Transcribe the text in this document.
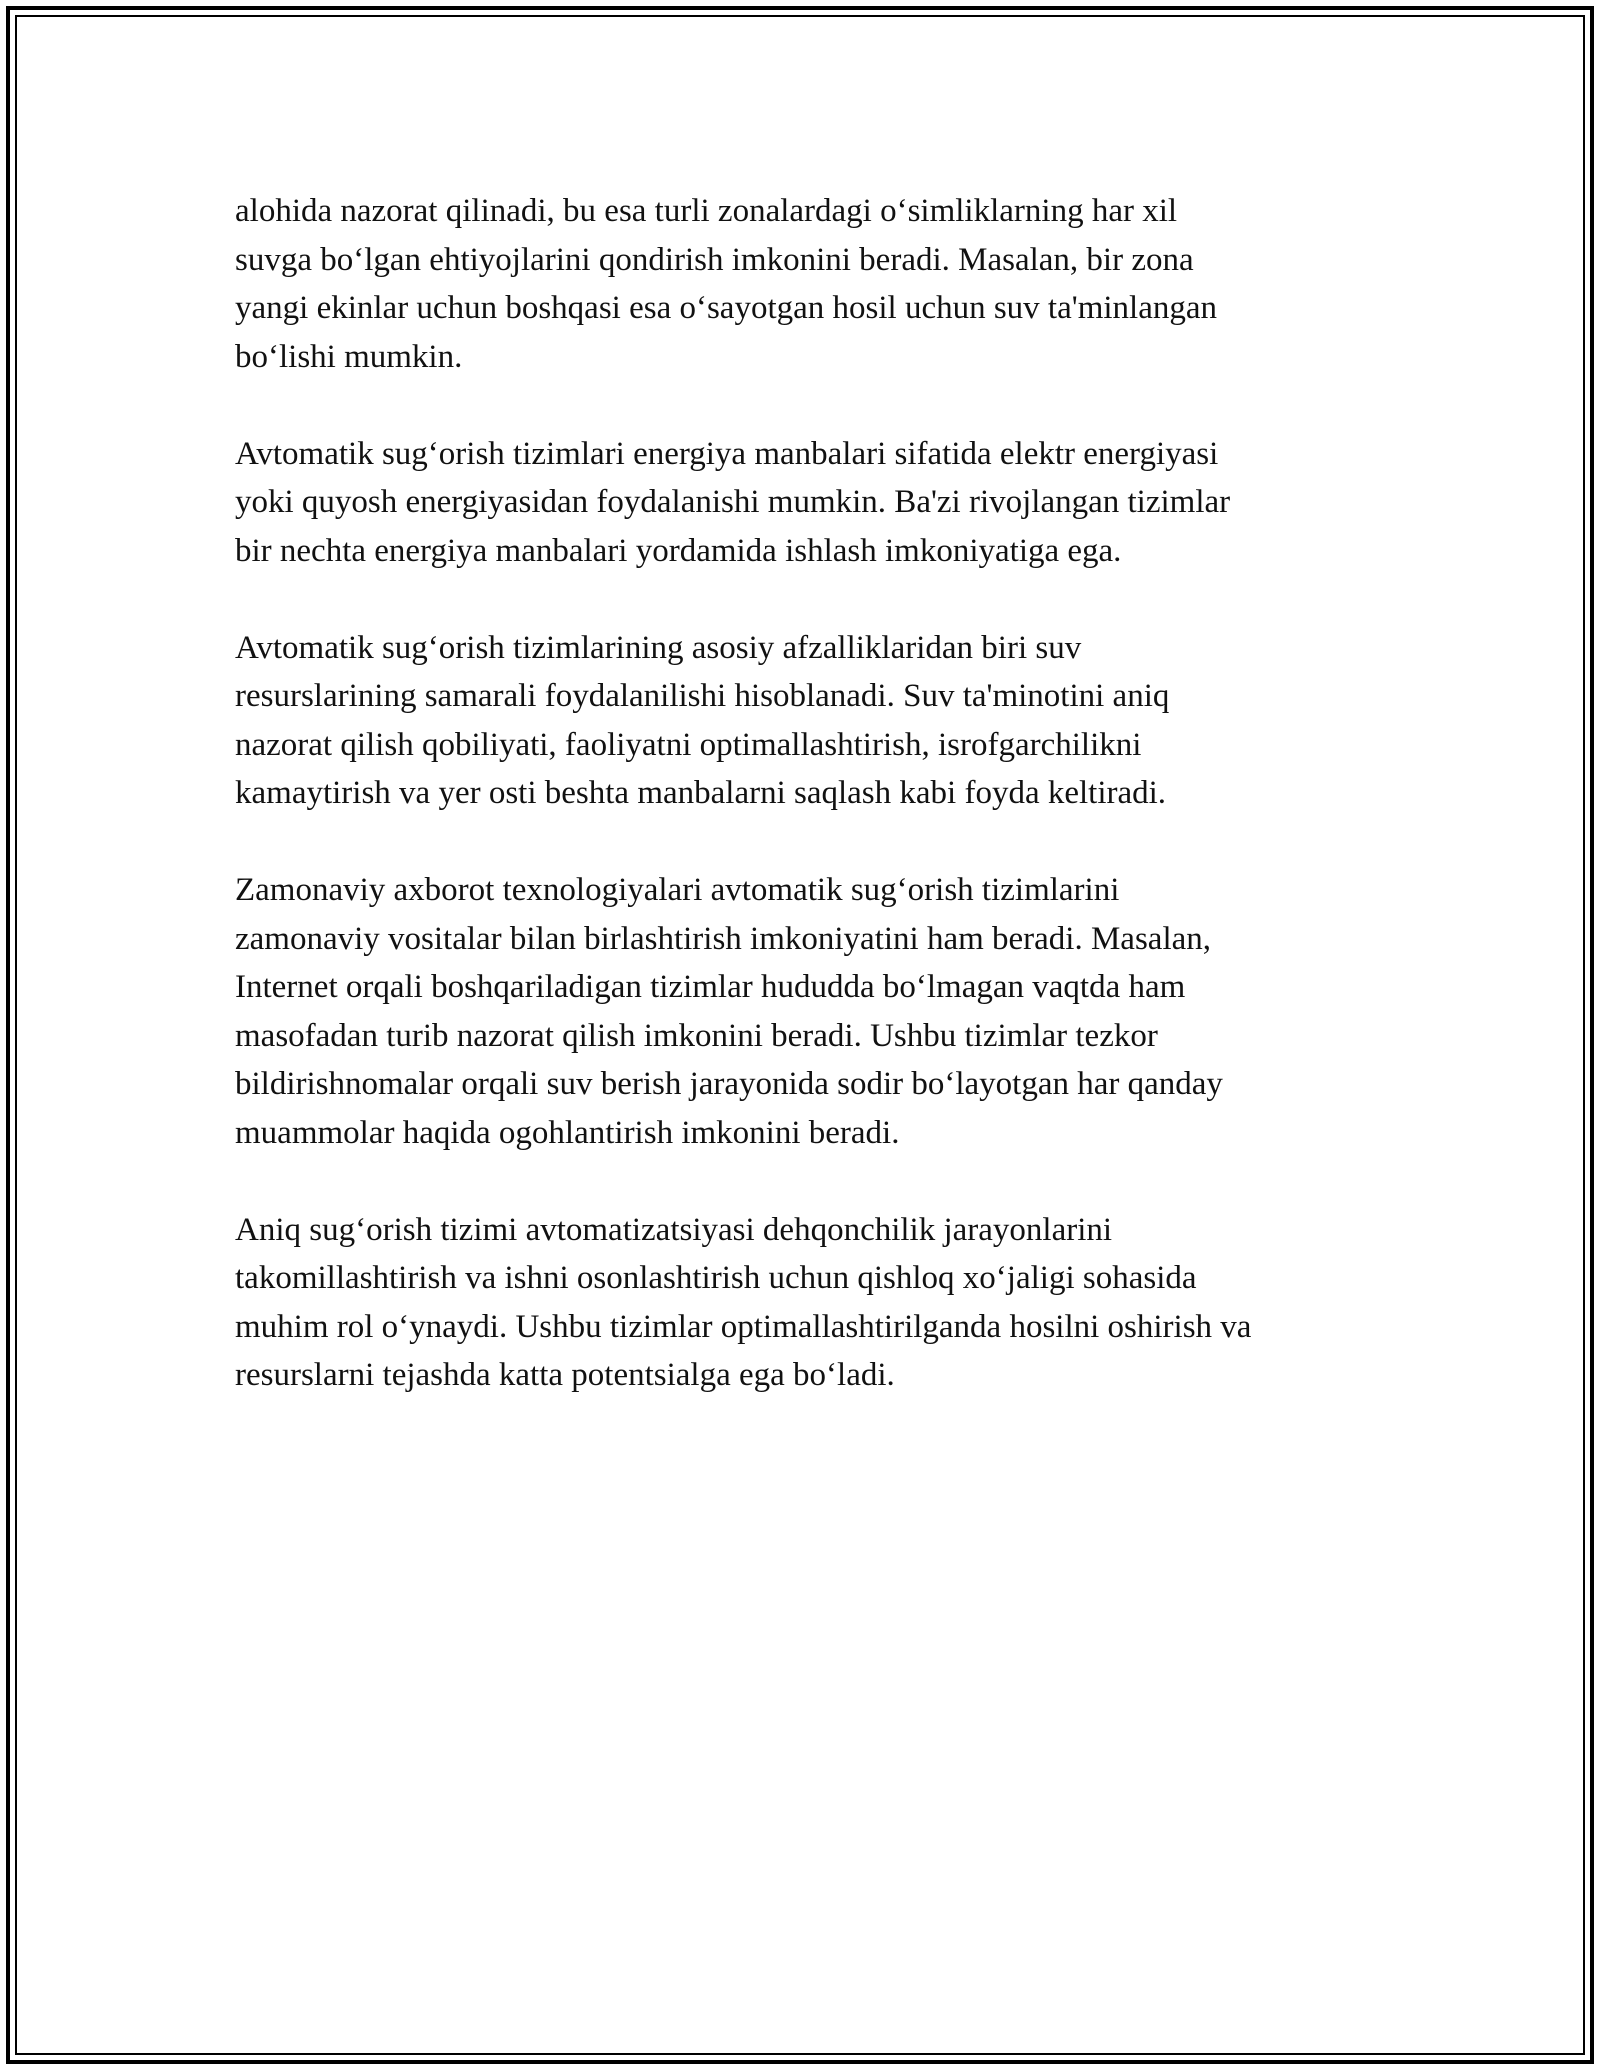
alohida nazorat qilinadi, bu esa turli zonalardagi o‘simliklarning har xil
suvga bo‘lgan ehtiyojlarini qondirish imkonini beradi. Masalan, bir zona
yangi ekinlar uchun boshqasi esa o‘sayotgan hosil uchun suv ta'minlangan
bo‘lishi mumkin.

Avtomatik sug‘orish tizimlari energiya manbalari sifatida elektr energiyasi
yoki quyosh energiyasidan foydalanishi mumkin. Ba'zi rivojlangan tizimlar
bir nechta energiya manbalari yordamida ishlash imkoniyatiga ega.

Avtomatik sug‘orish tizimlarining asosiy afzalliklaridan biri suv
resurslarining samarali foydalanilishi hisoblanadi. Suv ta'minotini aniq
nazorat qilish qobiliyati, faoliyatni optimallashtirish, isrofgarchilikni
kamaytirish va yer osti beshta manbalarni saqlash kabi foyda keltiradi.

Zamonaviy axborot texnologiyalari avtomatik sug‘orish tizimlarini
zamonaviy vositalar bilan birlashtirish imkoniyatini ham beradi. Masalan,
Internet orqali boshqariladigan tizimlar hududda bo‘lmagan vaqtda ham
masofadan turib nazorat qilish imkonini beradi. Ushbu tizimlar tezkor
bildirishnomalar orqali suv berish jarayonida sodir bo‘layotgan har qanday
muammolar haqida ogohlantirish imkonini beradi.

Aniq sug‘orish tizimi avtomatizatsiyasi dehqonchilik jarayonlarini
takomillashtirish va ishni osonlashtirish uchun qishloq xo‘jaligi sohasida
muhim rol o‘ynaydi. Ushbu tizimlar optimallashtirilganda hosilni oshirish va
resurslarni tejashda katta potentsialga ega bo‘ladi.
